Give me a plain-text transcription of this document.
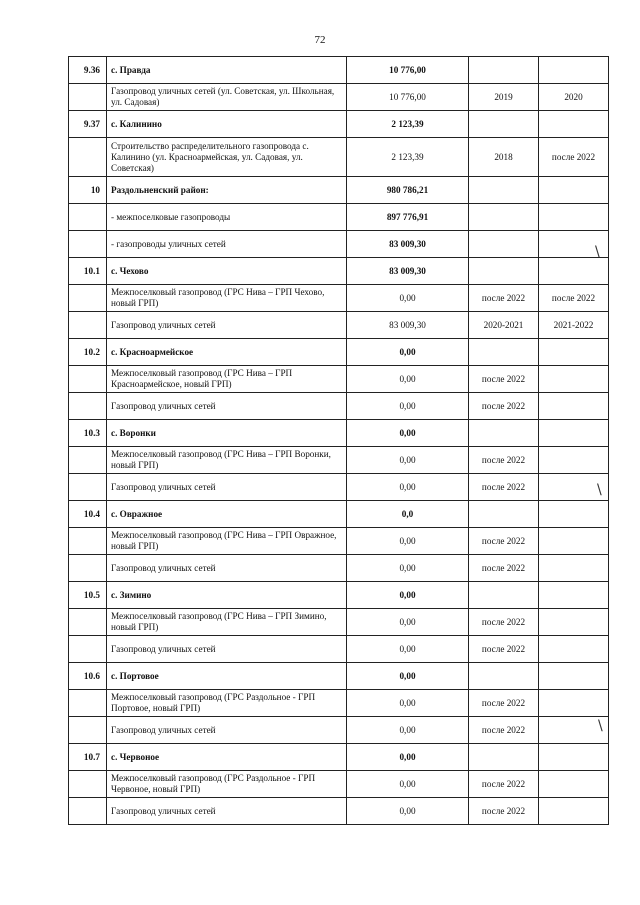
72
9.36	с. Правда	10 776,00		
	Газопровод уличных сетей (ул. Советская, ул. Школьная, ул. Садовая)	10 776,00	2019	2020
9.37	с. Калинино	2 123,39		
	Строительство распределительного газопровода с. Калинино (ул. Красноармейская, ул. Садовая, ул. Советская)	2 123,39	2018	после 2022
10	Раздольненский район:	980 786,21		
	- межпоселковые газопроводы	897 776,91		
	- газопроводы уличных сетей	83 009,30		
10.1	с. Чехово	83 009,30		
	Межпоселковый газопровод (ГРС Нива – ГРП Чехово, новый ГРП)	0,00	после 2022	после 2022
	Газопровод уличных сетей	83 009,30	2020-2021	2021-2022
10.2	с. Красноармейское	0,00		
	Межпоселковый газопровод (ГРС Нива – ГРП Красноармейское, новый ГРП)	0,00	после 2022	
	Газопровод уличных сетей	0,00	после 2022	
10.3	с. Воронки	0,00		
	Межпоселковый газопровод (ГРС Нива – ГРП Воронки, новый ГРП)	0,00	после 2022	
	Газопровод уличных сетей	0,00	после 2022	
10.4	с. Овражное	0,0		
	Межпоселковый газопровод (ГРС Нива – ГРП Овражное, новый ГРП)	0,00	после 2022	
	Газопровод уличных сетей	0,00	после 2022	
10.5	с. Зимино	0,00		
	Межпоселковый газопровод (ГРС Нива – ГРП Зимино, новый ГРП)	0,00	после 2022	
	Газопровод уличных сетей	0,00	после 2022	
10.6	с. Портовое	0,00		
	Межпоселковый газопровод (ГРС Раздольное - ГРП Портовое, новый ГРП)	0,00	после 2022	
	Газопровод уличных сетей	0,00	после 2022	
10.7	с. Червоное	0,00		
	Межпоселковый газопровод (ГРС Раздольное - ГРП Червоное, новый ГРП)	0,00	после 2022	
	Газопровод уличных сетей	0,00	после 2022	
\
\
\
